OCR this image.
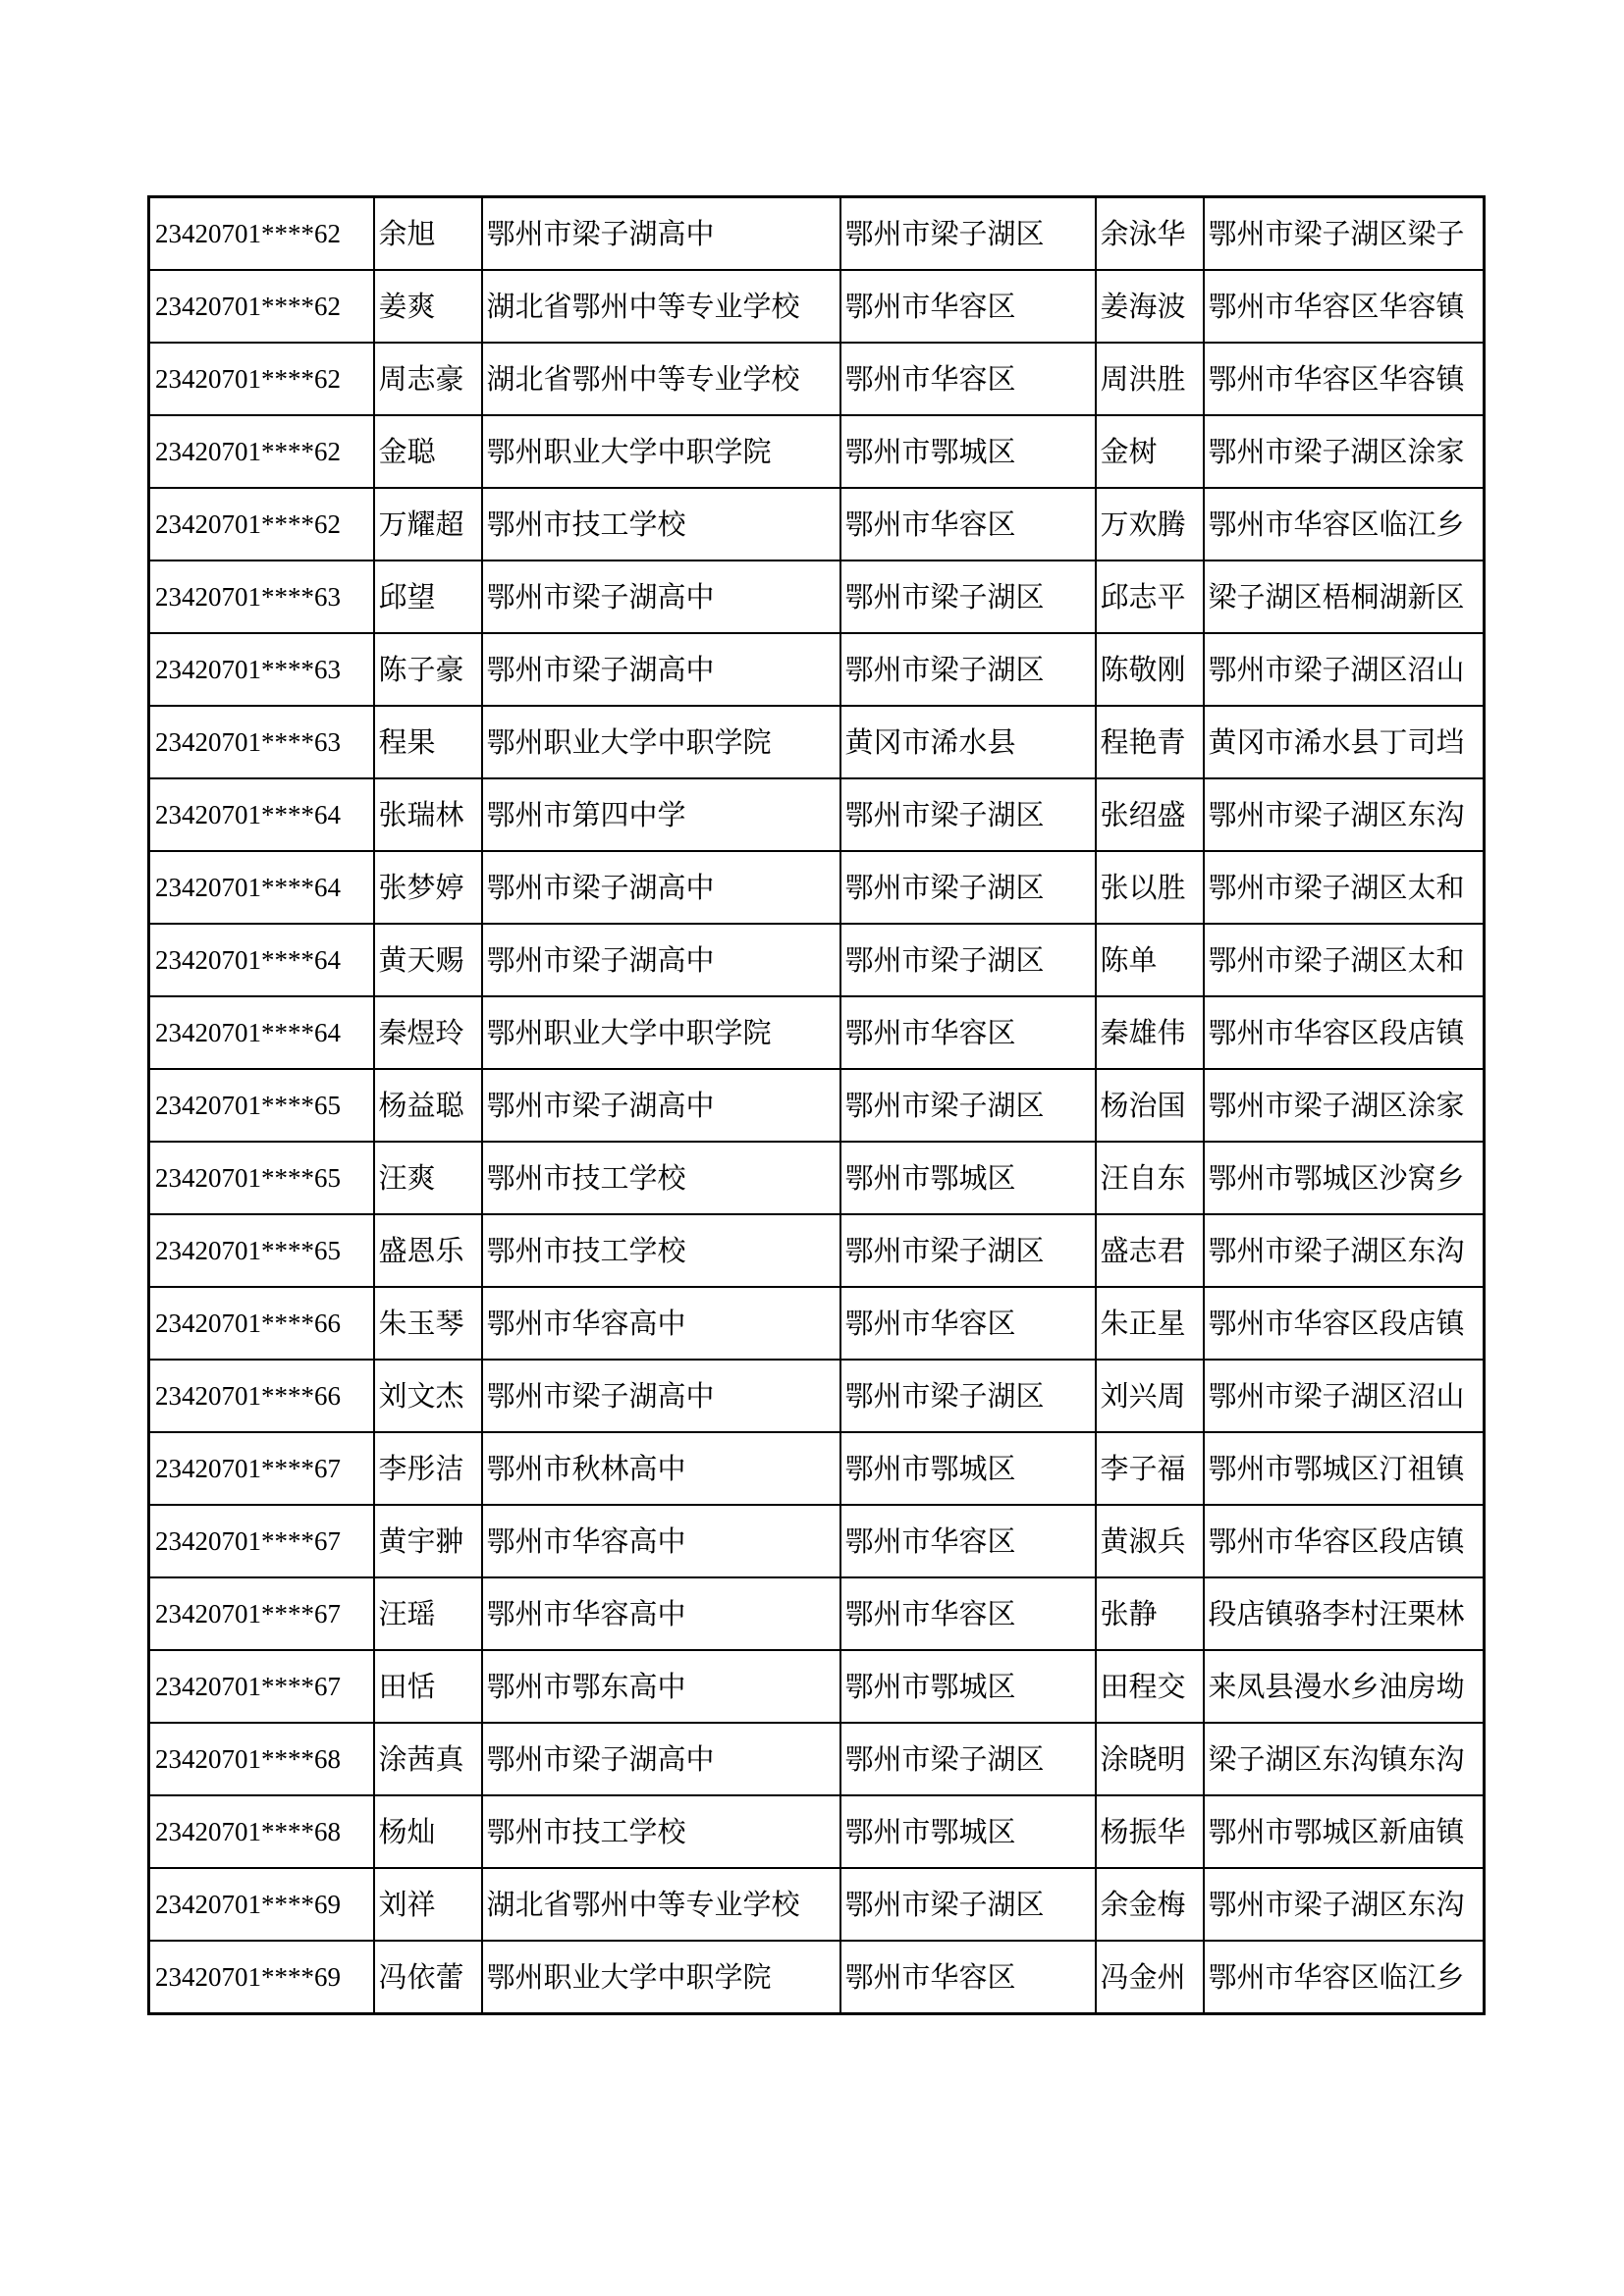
23420701****62	余旭	鄂州市梁子湖高中	鄂州市梁子湖区	余泳华	鄂州市梁子湖区梁子
23420701****62	姜爽	湖北省鄂州中等专业学校	鄂州市华容区	姜海波	鄂州市华容区华容镇
23420701****62	周志豪	湖北省鄂州中等专业学校	鄂州市华容区	周洪胜	鄂州市华容区华容镇
23420701****62	金聪	鄂州职业大学中职学院	鄂州市鄂城区	金树	鄂州市梁子湖区涂家
23420701****62	万耀超	鄂州市技工学校	鄂州市华容区	万欢腾	鄂州市华容区临江乡
23420701****63	邱望	鄂州市梁子湖高中	鄂州市梁子湖区	邱志平	梁子湖区梧桐湖新区
23420701****63	陈子豪	鄂州市梁子湖高中	鄂州市梁子湖区	陈敬刚	鄂州市梁子湖区沼山
23420701****63	程果	鄂州职业大学中职学院	黄冈市浠水县	程艳青	黄冈市浠水县丁司垱
23420701****64	张瑞林	鄂州市第四中学	鄂州市梁子湖区	张绍盛	鄂州市梁子湖区东沟
23420701****64	张梦婷	鄂州市梁子湖高中	鄂州市梁子湖区	张以胜	鄂州市梁子湖区太和
23420701****64	黄天赐	鄂州市梁子湖高中	鄂州市梁子湖区	陈单	鄂州市梁子湖区太和
23420701****64	秦煜玲	鄂州职业大学中职学院	鄂州市华容区	秦雄伟	鄂州市华容区段店镇
23420701****65	杨益聪	鄂州市梁子湖高中	鄂州市梁子湖区	杨治国	鄂州市梁子湖区涂家
23420701****65	汪爽	鄂州市技工学校	鄂州市鄂城区	汪自东	鄂州市鄂城区沙窝乡
23420701****65	盛恩乐	鄂州市技工学校	鄂州市梁子湖区	盛志君	鄂州市梁子湖区东沟
23420701****66	朱玉琴	鄂州市华容高中	鄂州市华容区	朱正星	鄂州市华容区段店镇
23420701****66	刘文杰	鄂州市梁子湖高中	鄂州市梁子湖区	刘兴周	鄂州市梁子湖区沼山
23420701****67	李彤洁	鄂州市秋林高中	鄂州市鄂城区	李子福	鄂州市鄂城区汀祖镇
23420701****67	黄宇翀	鄂州市华容高中	鄂州市华容区	黄淑兵	鄂州市华容区段店镇
23420701****67	汪瑶	鄂州市华容高中	鄂州市华容区	张静	段店镇骆李村汪栗林
23420701****67	田恬	鄂州市鄂东高中	鄂州市鄂城区	田程交	来凤县漫水乡油房坳
23420701****68	涂茜真	鄂州市梁子湖高中	鄂州市梁子湖区	涂晓明	梁子湖区东沟镇东沟
23420701****68	杨灿	鄂州市技工学校	鄂州市鄂城区	杨振华	鄂州市鄂城区新庙镇
23420701****69	刘祥	湖北省鄂州中等专业学校	鄂州市梁子湖区	余金梅	鄂州市梁子湖区东沟
23420701****69	冯依蕾	鄂州职业大学中职学院	鄂州市华容区	冯金州	鄂州市华容区临江乡
